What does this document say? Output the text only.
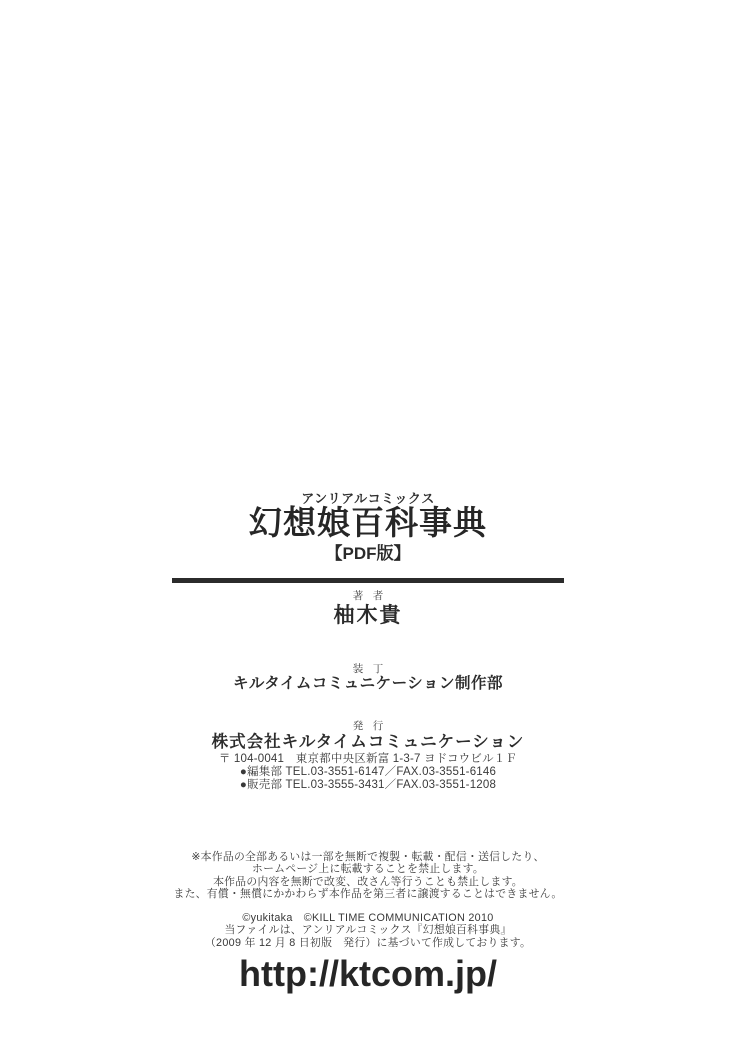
アンリアルコミックス
幻想娘百科事典
【PDF版】
著者
柚木貴
装丁
キルタイムコミュニケーション制作部
発行
株式会社キルタイムコミュニケーション
〒 104-0041　東京都中央区新富 1-3-7 ヨドコウビル１Ｆ
●編集部 TEL.03-3551-6147／FAX.03-3551-6146
●販売部 TEL.03-3555-3431／FAX.03-3551-1208
※本作品の全部あるいは一部を無断で複製・転載・配信・送信したり、
ホームページ上に転載することを禁止します。
本作品の内容を無断で改変、改さん等行うことも禁止します。
また、有償・無償にかかわらず本作品を第三者に譲渡することはできません。
©yukitaka　©KILL TIME COMMUNICATION 2010
当ファイルは、アンリアルコミックス『幻想娘百科事典』
（2009 年 12 月 8 日初版　発行）に基づいて作成しております。
http://ktcom.jp/
